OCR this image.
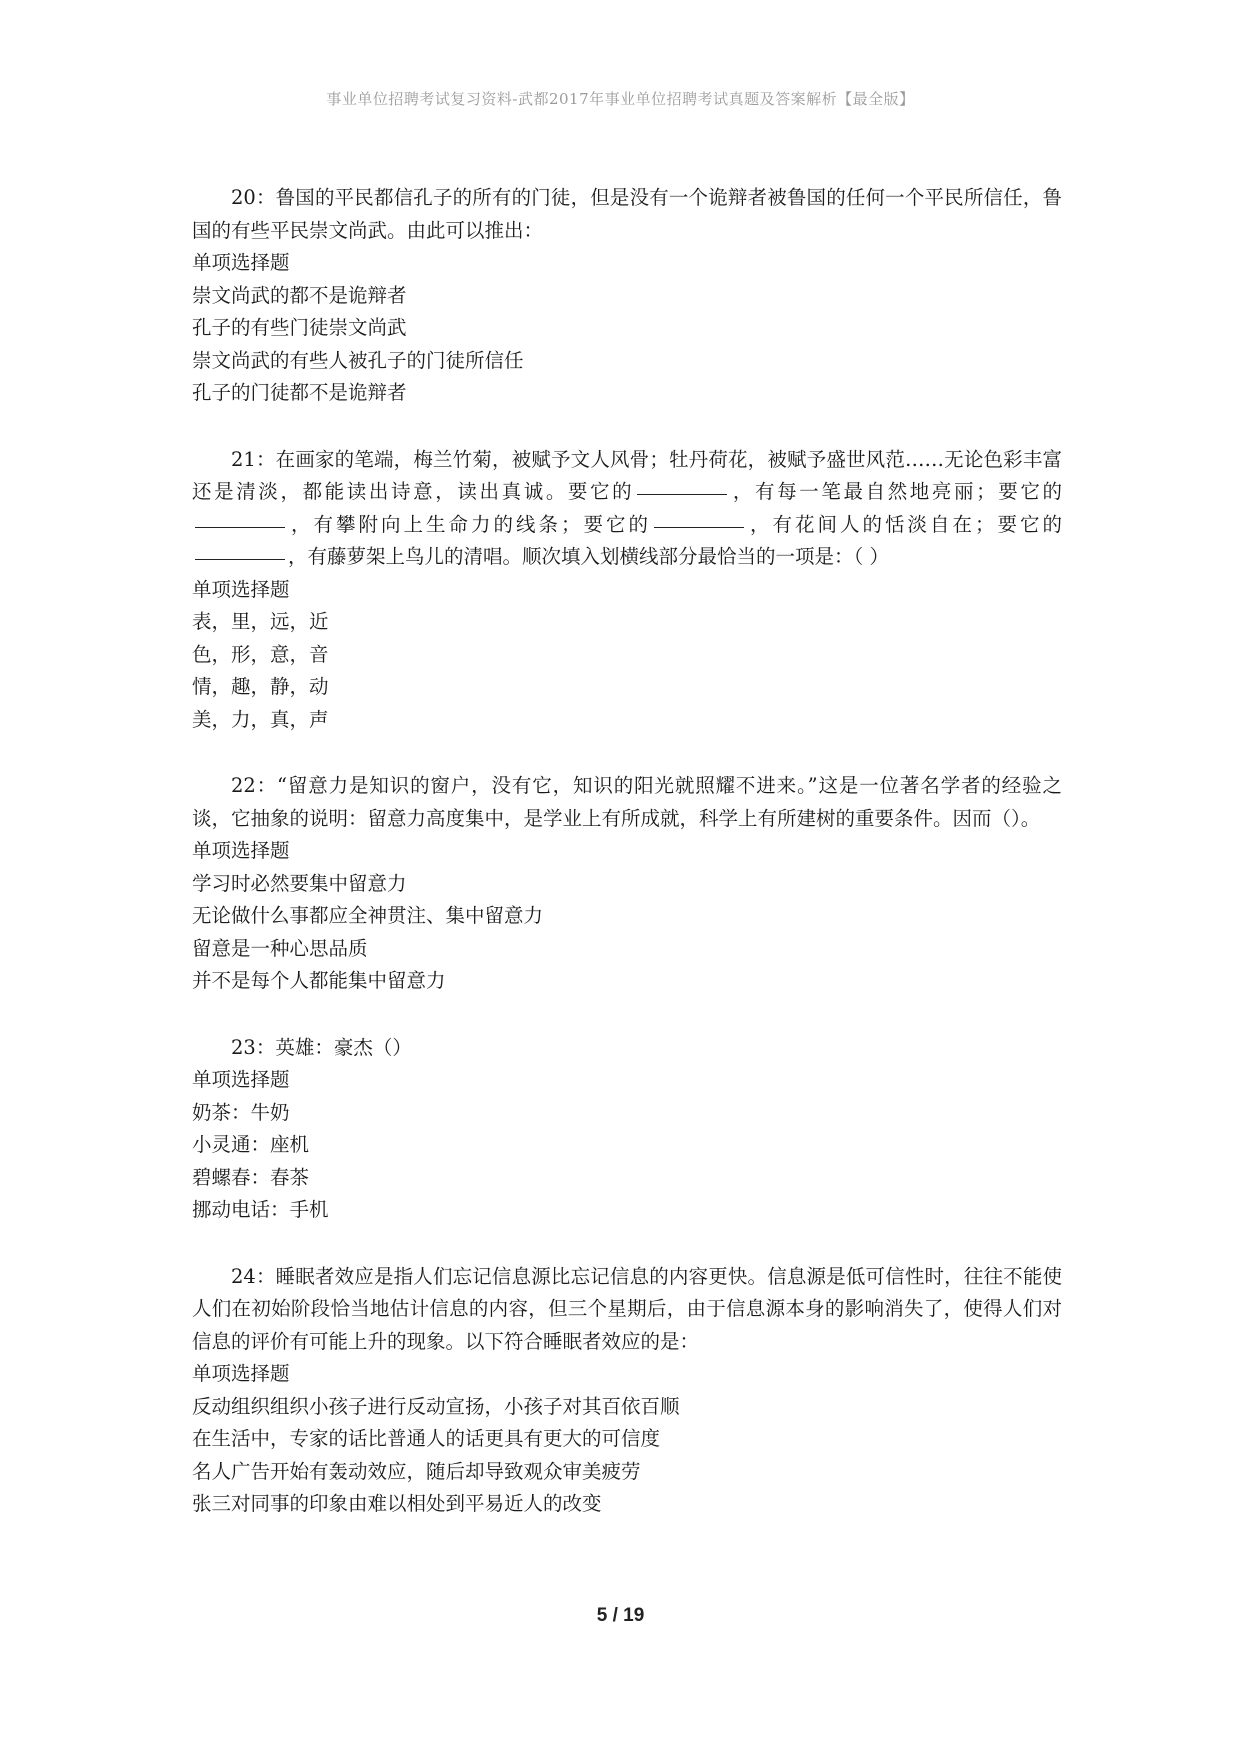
事业单位招聘考试复习资料-武都2017年事业单位招聘考试真题及答案解析【最全版】
20：鲁国的平民都信孔子的所有的门徒，但是没有一个诡辩者被鲁国的任何一个平民所信任，鲁国的有些平民崇文尚武。由此可以推出：
单项选择题
崇文尚武的都不是诡辩者
孔子的有些门徒崇文尚武
崇文尚武的有些人被孔子的门徒所信任
孔子的门徒都不是诡辩者
21：在画家的笔端，梅兰竹菊，被赋予文人风骨；牡丹荷花，被赋予盛世风范……无论色彩丰富还是清淡，都能读出诗意，读出真诚。要它的	，有每一笔最自然地亮丽；要它的，有攀附向上生命力的线条；要它的	，有花间人的恬淡自在；要它的，有藤萝架上鸟儿的清唱。顺次填入划横线部分最恰当的一项是：（ ）
单项选择题
表，里，远，近
色，形，意，音
情，趣，静，动
美，力，真，声
22：“留意力是知识的窗户，没有它，知识的阳光就照耀不进来。”这是一位著名学者的经验之谈，它抽象的说明：留意力高度集中，是学业上有所成就，科学上有所建树的重要条件。因而（）。
单项选择题
学习时必然要集中留意力
无论做什么事都应全神贯注、集中留意力
留意是一种心思品质
并不是每个人都能集中留意力
23：英雄：豪杰（）
单项选择题
奶茶：牛奶
小灵通：座机
碧螺春：春茶
挪动电话：手机
24：睡眠者效应是指人们忘记信息源比忘记信息的内容更快。信息源是低可信性时，往往不能使人们在初始阶段恰当地估计信息的内容，但三个星期后，由于信息源本身的影响消失了，使得人们对信息的评价有可能上升的现象。以下符合睡眠者效应的是：
单项选择题
反动组织组织小孩子进行反动宣扬，小孩子对其百依百顺
在生活中，专家的话比普通人的话更具有更大的可信度
名人广告开始有轰动效应，随后却导致观众审美疲劳
张三对同事的印象由难以相处到平易近人的改变
5 / 19
